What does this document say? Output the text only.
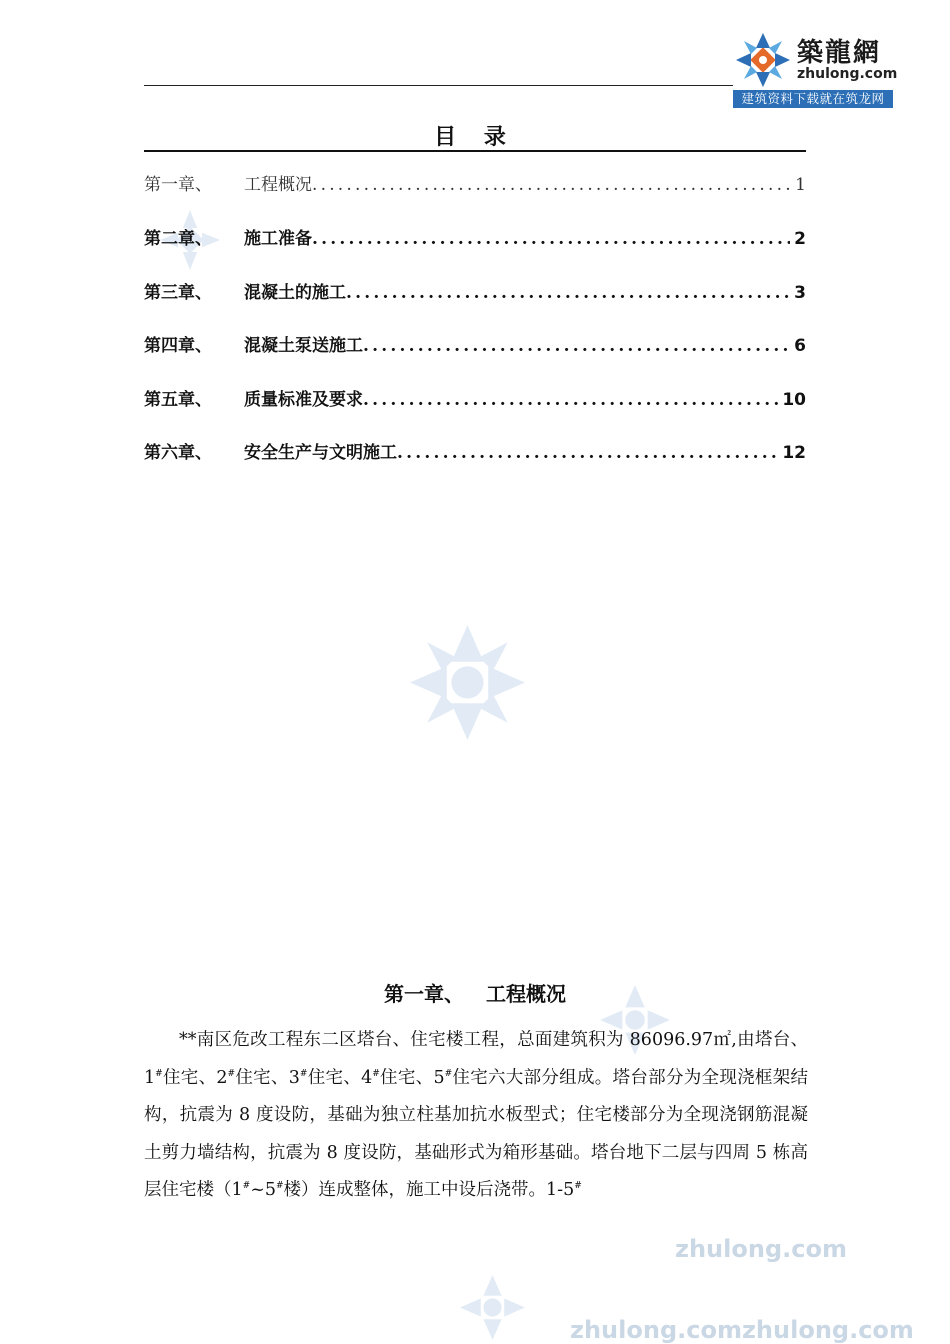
築龍網
zhulong.com
建筑资料下载就在筑龙网
zhulong.com
zhulong.comzhulong.com
目 录
第一章、	工程概况 .....	1
第二章、	施工准备 .....	2
第三章、	混凝土的施工 .....	3
第四章、	混凝土泵送施工 .....	6
第五章、	质量标准及要求 .....	10
第六章、	安全生产与文明施工 .....	12
第一章、 工程概况

**南区危改工程东二区塔台、住宅楼工程，总面建筑积为 86096.97㎡,由塔台、1#住宅、2#住宅、3#住宅、4#住宅、5#住宅六大部分组成。塔台部分为全现浇框架结构，抗震为 8 度设防，基础为独立柱基加抗水板型式；住宅楼部分为全现浇钢筋混凝土剪力墙结构，抗震为 8 度设防，基础形式为箱形基础。塔台地下二层与四周 5 栋高层住宅楼（1#~5#楼）连成整体，施工中设后浇带。1-5#
